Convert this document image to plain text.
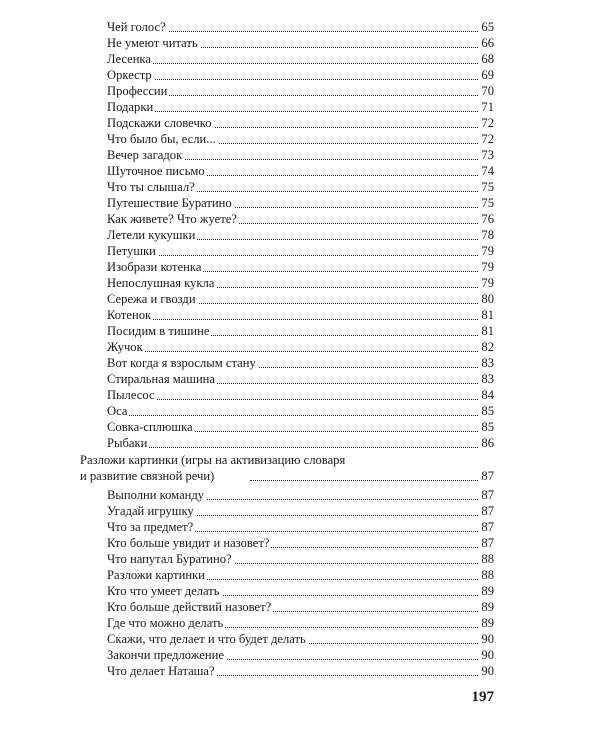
Чей голос?	65
Не умеют читать	66
Лесенка	68
Оркестр	69
Профессии	70
Подарки	71
Подскажи словечко	72
Что было бы, если...	72
Вечер загадок	73
Шуточное письмо	74
Что ты слышал?	75
Путешествие Буратино	75
Как живете? Что жуете?	76
Летели кукушки	78
Петушки	79
Изобрази котенка	79
Непослушная кукла	79
Сережа и гвозди	80
Котенок	81
Посидим в тишине	81
Жучок	82
Вот когда я взрослым стану	83
Стиральная машина	83
Пылесос	84
Оса	85
Совка-сплюшка	85
Рыбаки	86
Разложи картинки (игры на активизацию словаря
и развитие связной речи)	87
Выполни команду	87
Угадай игрушку	87
Что за предмет?	87
Кто больше увидит и назовет?	87
Что напутал Буратино?	88
Разложи картинки	88
Кто что умеет делать	89
Кто больше действий назовет?	89
Где что можно делать	89
Скажи, что делает и что будет делать	90
Закончи предложение	90
Что делает Наташа?	90
197
